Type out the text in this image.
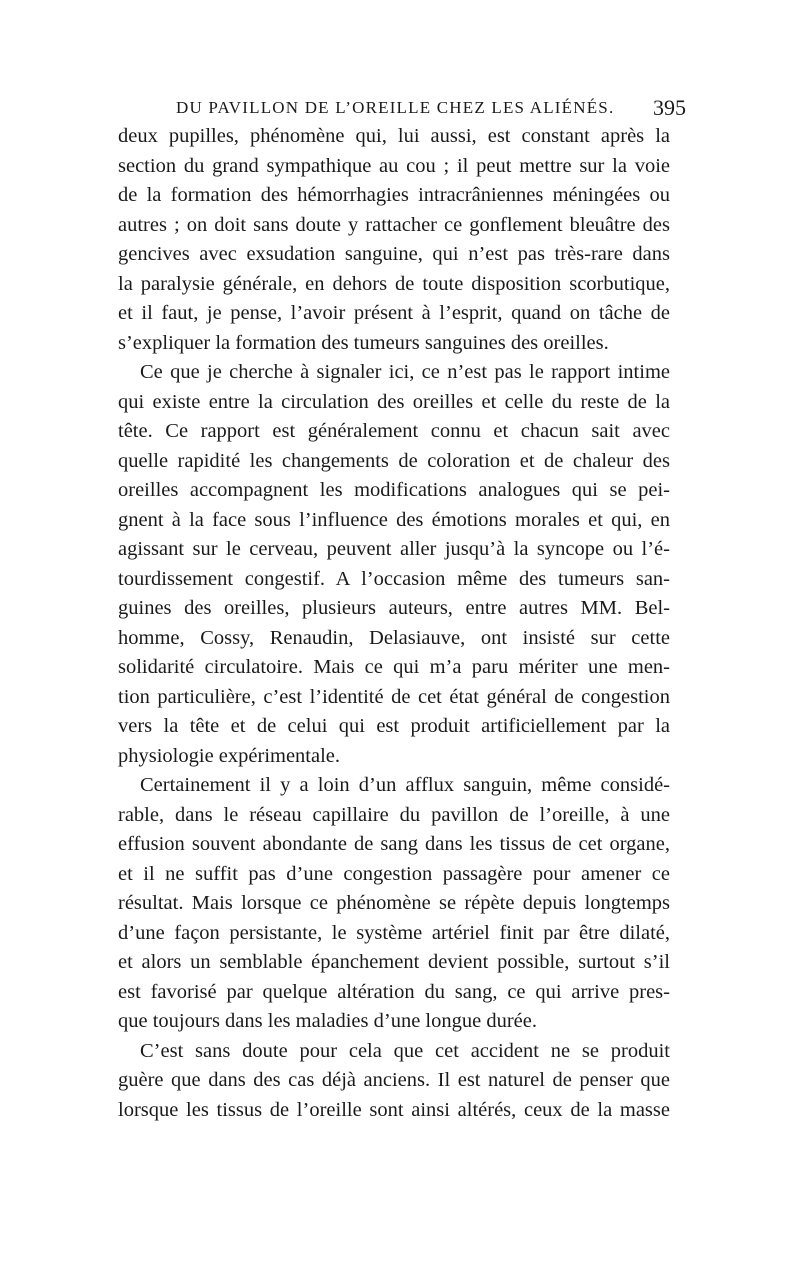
DU PAVILLON DE L’OREILLE CHEZ LES ALIÉNÉS. 395
deux pupilles, phénomène qui, lui aussi, est constant après la
section du grand sympathique au cou ; il peut mettre sur la voie
de la formation des hémorrhagies intracrâniennes méningées ou
autres ; on doit sans doute y rattacher ce gonflement bleuâtre des
gencives avec exsudation sanguine, qui n’est pas très-rare dans
la paralysie générale, en dehors de toute disposition scorbutique,
et il faut, je pense, l’avoir présent à l’esprit, quand on tâche de
s’expliquer la formation des tumeurs sanguines des oreilles.
Ce que je cherche à signaler ici, ce n’est pas le rapport intime
qui existe entre la circulation des oreilles et celle du reste de la
tête. Ce rapport est généralement connu et chacun sait avec
quelle rapidité les changements de coloration et de chaleur des
oreilles accompagnent les modifications analogues qui se pei-
gnent à la face sous l’influence des émotions morales et qui, en
agissant sur le cerveau, peuvent aller jusqu’à la syncope ou l’é-
tourdissement congestif. A l’occasion même des tumeurs san-
guines des oreilles, plusieurs auteurs, entre autres MM. Bel-
homme, Cossy, Renaudin, Delasiauve, ont insisté sur cette
solidarité circulatoire. Mais ce qui m’a paru mériter une men-
tion particulière, c’est l’identité de cet état général de congestion
vers la tête et de celui qui est produit artificiellement par la
physiologie expérimentale.
Certainement il y a loin d’un afflux sanguin, même considé-
rable, dans le réseau capillaire du pavillon de l’oreille, à une
effusion souvent abondante de sang dans les tissus de cet organe,
et il ne suffit pas d’une congestion passagère pour amener ce
résultat. Mais lorsque ce phénomène se répète depuis longtemps
d’une façon persistante, le système artériel finit par être dilaté,
et alors un semblable épanchement devient possible, surtout s’il
est favorisé par quelque altération du sang, ce qui arrive pres-
que toujours dans les maladies d’une longue durée.
C’est sans doute pour cela que cet accident ne se produit
guère que dans des cas déjà anciens. Il est naturel de penser que
lorsque les tissus de l’oreille sont ainsi altérés, ceux de la masse
